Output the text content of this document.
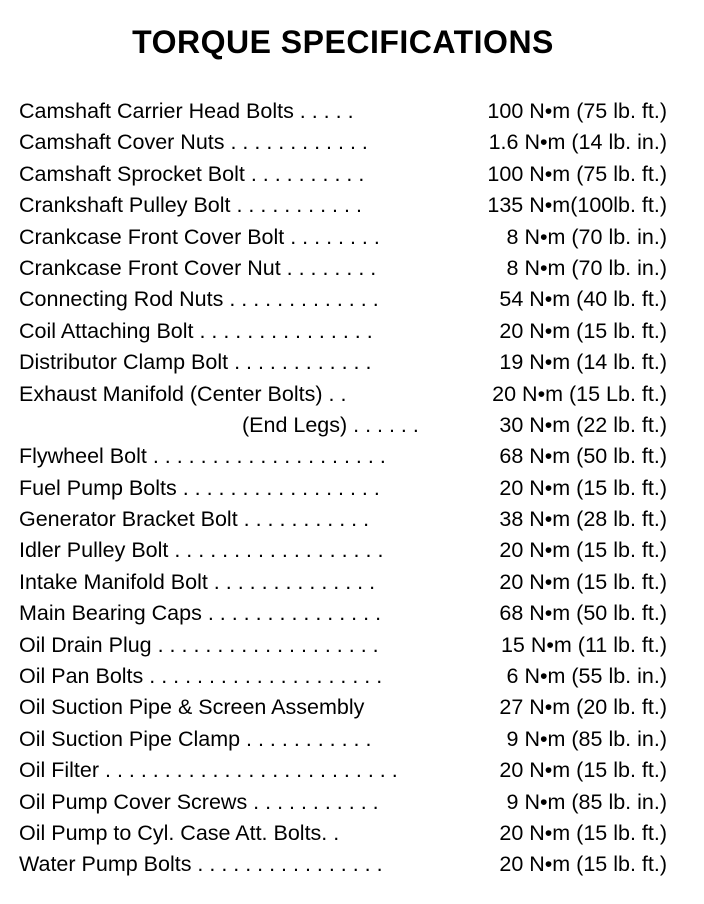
TORQUE SPECIFICATIONS
Camshaft Carrier Head Bolts . . . . .	100 N•m (75 lb. ft.)
Camshaft Cover Nuts . . . . . . . . . . . .	1.6 N•m (14 lb. in.)
Camshaft Sprocket Bolt . . . . . . . . . .	100 N•m (75 lb. ft.)
Crankshaft Pulley Bolt . . . . . . . . . . .	135 N•m(100lb. ft.)
Crankcase Front Cover Bolt . . . . . . . .	8 N•m (70 lb. in.)
Crankcase Front Cover Nut . . . . . . . .	8 N•m (70 lb. in.)
Connecting Rod Nuts . . . . . . . . . . . . .	54 N•m (40 lb. ft.)
Coil Attaching Bolt . . . . . . . . . . . . . . .	20 N•m (15 lb. ft.)
Distributor Clamp Bolt . . . . . . . . . . . .	19 N•m (14 lb. ft.)
Exhaust Manifold (Center Bolts) . .	20 N•m (15 Lb. ft.)
(End Legs) . . . . . .	30 N•m (22 lb. ft.)
Flywheel Bolt . . . . . . . . . . . . . . . . . . . .	68 N•m (50 lb. ft.)
Fuel Pump Bolts . . . . . . . . . . . . . . . . .	20 N•m (15 lb. ft.)
Generator Bracket Bolt . . . . . . . . . . .	38 N•m (28 lb. ft.)
Idler Pulley Bolt . . . . . . . . . . . . . . . . . .	20 N•m (15 lb. ft.)
Intake Manifold Bolt . . . . . . . . . . . . . .	20 N•m (15 lb. ft.)
Main Bearing Caps . . . . . . . . . . . . . . .	68 N•m (50 lb. ft.)
Oil Drain Plug . . . . . . . . . . . . . . . . . . .	15 N•m (11 lb. ft.)
Oil Pan Bolts . . . . . . . . . . . . . . . . . . . .	6 N•m (55 lb. in.)
Oil Suction Pipe & Screen Assembly	27 N•m (20 lb. ft.)
Oil Suction Pipe Clamp . . . . . . . . . . .	9 N•m (85 lb. in.)
Oil Filter . . . . . . . . . . . . . . . . . . . . . . . . .	20 N•m (15 lb. ft.)
Oil Pump Cover Screws . . . . . . . . . . .	9 N•m (85 lb. in.)
Oil Pump to Cyl. Case Att. Bolts. .	20 N•m (15 lb. ft.)
Water Pump Bolts . . . . . . . . . . . . . . . .	20 N•m (15 lb. ft.)
